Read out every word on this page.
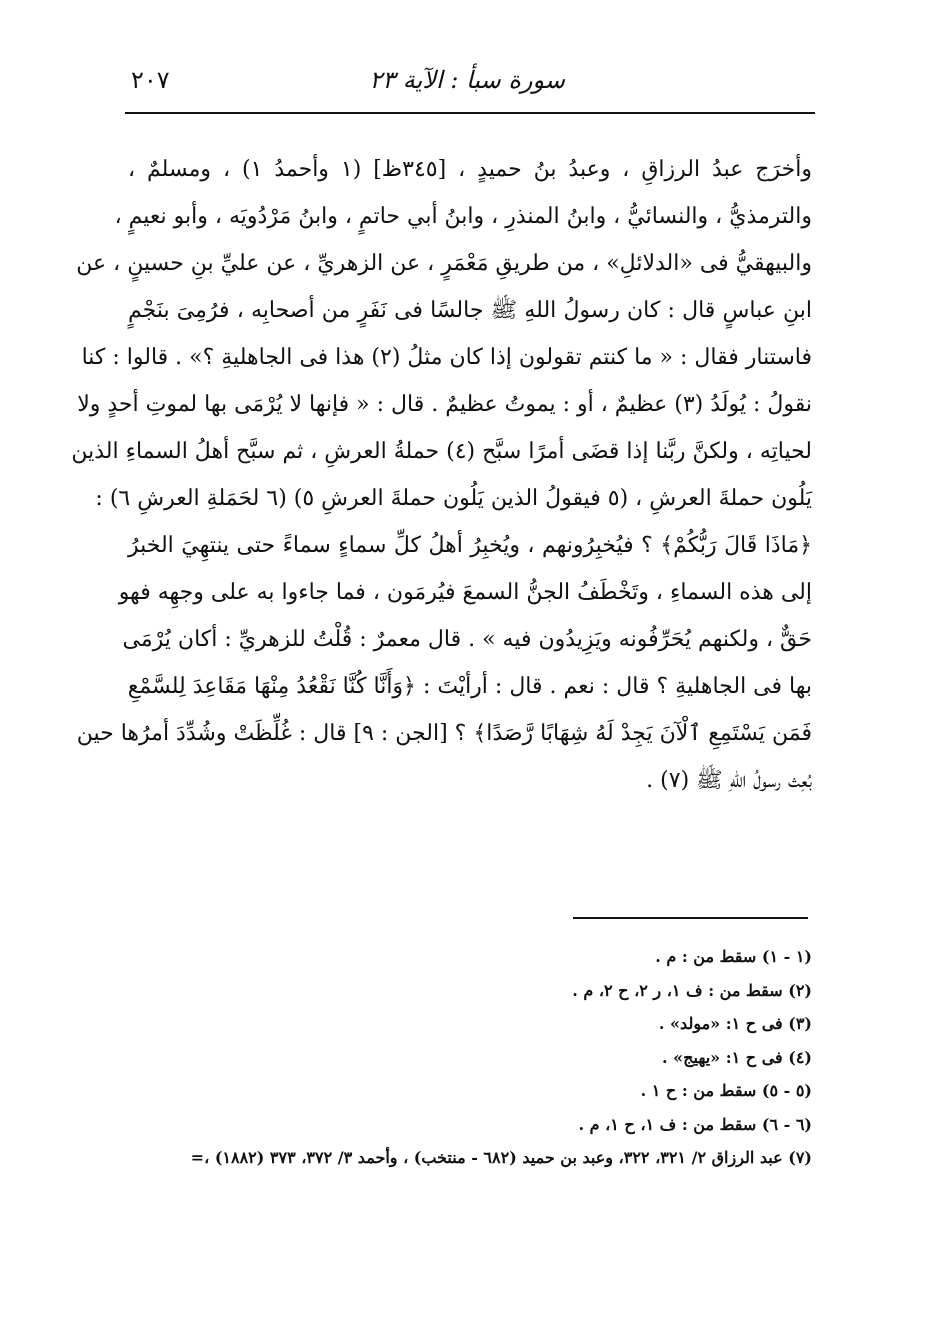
سورة سبأ : الآية ٢٣
٢٠٧
وأخرَج عبدُ الرزاقِ ، وعبدُ بنُ حميدٍ ، [٣٤٥ظ] (١ وأحمدُ ١) ، ومسلمٌ ،
والترمذيُّ ، والنسائيُّ ، وابنُ المنذرِ ، وابنُ أبي حاتمٍ ، وابنُ مَرْدُويَه ، وأبو نعيمٍ ،
والبيهقيُّ فى «الدلائلِ» ، من طريقِ مَعْمَرٍ ، عن الزهريِّ ، عن عليِّ بنِ حسينٍ ، عن
ابنِ عباسٍ قال : كان رسولُ اللهِ ﷺ جالسًا فى نَفَرٍ من أصحابِه ، فرُمِىَ بنَجْمٍ
فاستنار فقال : « ما كنتم تقولون إذا كان مثلُ (٢) هذا فى الجاهليةِ ؟» . قالوا : كنا
نقولُ : يُولَدُ (٣) عظيمٌ ، أو : يموتُ عظيمٌ . قال : « فإنها لا يُرْمَى بها لموتِ أحدٍ ولا
لحياتِه ، ولكنَّ ربَّنا إذا قضَى أمرًا سبَّح (٤) حملةُ العرشِ ، ثم سبَّح أهلُ السماءِ الذين
يَلُون حملةَ العرشِ ، (٥ فيقولُ الذين يَلُون حملةَ العرشِ ٥) (٦ لحَمَلةِ العرشِ ٦) :
﴿مَاذَا قَالَ رَبُّكُمْ﴾ ؟ فيُخبِرُونهم ، ويُخبِرُ أهلُ كلِّ سماءٍ سماءً حتى ينتهِيَ الخبرُ
إلى هذه السماءِ ، وتَخْطَفُ الجنُّ السمعَ فيُرمَون ، فما جاءوا به على وجهِه فهو
حَقٌّ ، ولكنهم يُحَرِّفُونه ويَزِيدُون فيه » . قال معمرٌ : قُلْتُ للزهريِّ : أكان يُرْمَى
بها فى الجاهليةِ ؟ قال : نعم . قال : أرأيْتَ : ﴿وَأَنَّا كُنَّا نَقْعُدُ مِنْهَا مَقَاعِدَ لِلسَّمْعِ
فَمَن يَسْتَمِعِ ٱلْآنَ يَجِدْ لَهُ شِهَابًا رَّصَدًا﴾ ؟ [الجن : ٩] قال : غُلِّظَتْ وشُدِّدَ أمرُها حين
بُعِث رسولُ اللهِ ﷺ (٧) .
(١ - ١) سقط من : م .
(٢) سقط من : ف ١، ر ٢، ح ٢، م .
(٣) فى ح ١: «مولد» .
(٤) فى ح ١: «يهيج» .
(٥ - ٥) سقط من : ح ١ .
(٦ - ٦) سقط من : ف ١، ح ١، م .
(٧) عبد الرزاق ٢/ ٣٢١، ٣٢٢، وعبد بن حميد (٦٨٢ - منتخب) ، وأحمد ٣/ ٣٧٢، ٣٧٣ (١٨٨٢) ،=
